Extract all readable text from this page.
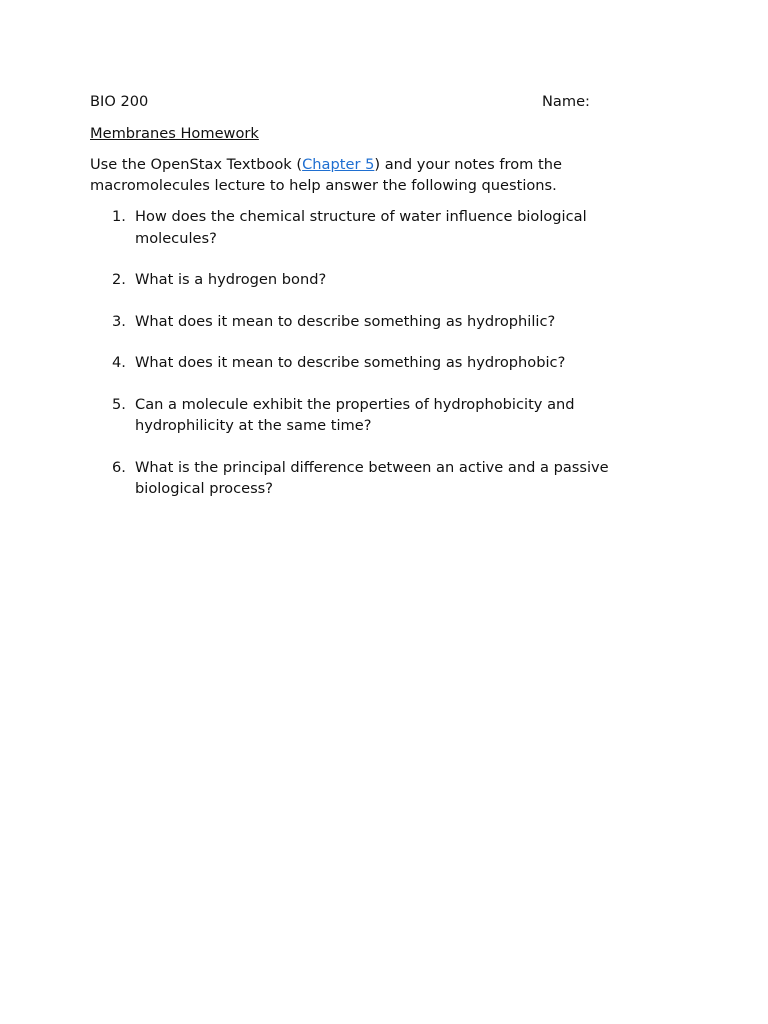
BIO 200	Name:
Membranes Homework
Use the OpenStax Textbook (Chapter 5) and your notes from the macromolecules lecture to help answer the following questions.
1. How does the chemical structure of water influence biological molecules?
2. What is a hydrogen bond?
3. What does it mean to describe something as hydrophilic?
4. What does it mean to describe something as hydrophobic?
5. Can a molecule exhibit the properties of hydrophobicity and hydrophilicity at the same time?
6. What is the principal difference between an active and a passive biological process?
